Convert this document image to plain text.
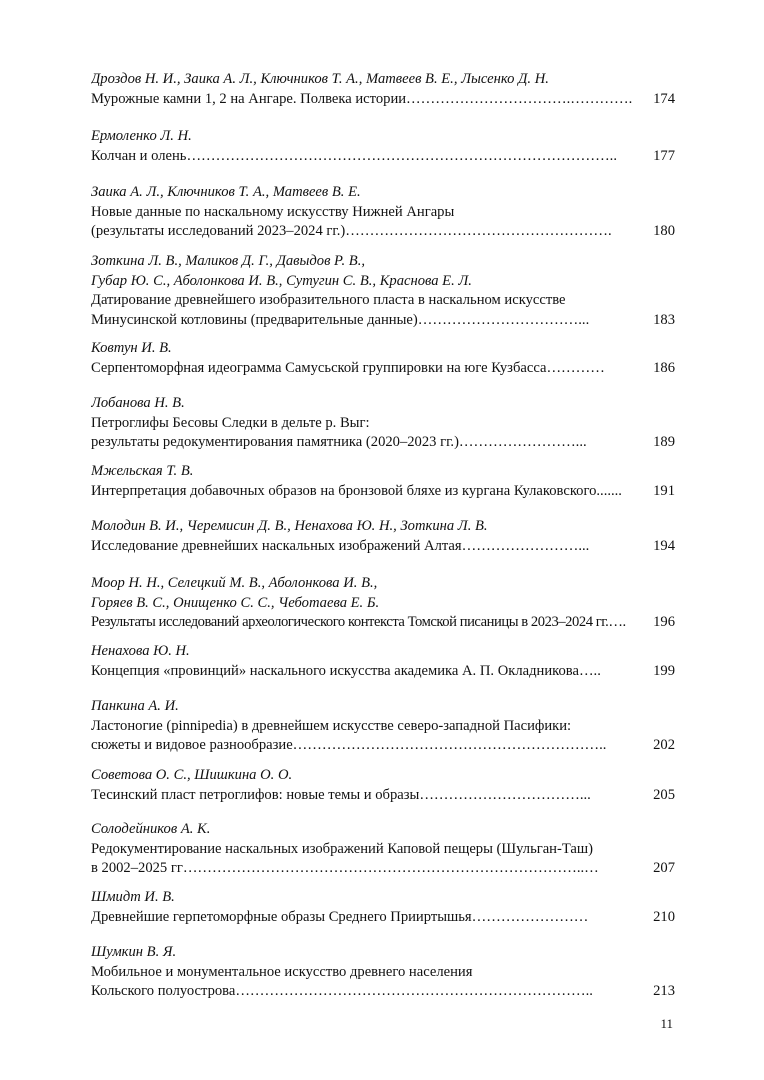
Дроздов Н. И., Заика А. Л., Ключников Т. А., Матвеев В. Е., Лысенко Д. Н.
Мурожные камни 1, 2 на Ангаре. Полвека истории…………………………….………….	174
Ермоленко Л. Н.
Колчан и олень……………………………………………………………………………..	177
Заика А. Л., Ключников Т. А., Матвеев В. Е.
Новые данные по наскальному искусству Нижней Ангары
(результаты исследований 2023–2024 гг.)……………………………………………….	180
Зоткина Л. В., Маликов Д. Г., Давыдов Р. В.,
Губар Ю. С., Аболонкова И. В., Сутугин С. В., Краснова Е. Л.
Датирование древнейшего изобразительного пласта в наскальном искусстве
Минусинской котловины (предварительные данные)……………………………...	183
Ковтун И. В.
Серпентоморфная идеограмма Самусьской группировки на юге Кузбасса…………	186
Лобанова Н. В.
Петроглифы Бесовы Следки в дельте р. Выг:
результаты редокументирования памятника (2020–2023 гг.)……………………...	189
Мжельская Т. В.
Интерпретация добавочных образов на бронзовой бляхе из кургана Кулаковского.......	191
Молодин В. И., Черемисин Д. В., Ненахова Ю. Н., Зоткина Л. В.
Исследование древнейших наскальных изображений Алтая……………………...	194
Моор Н. Н., Селецкий М. В., Аболонкова И. В.,
Горяев В. С., Онищенко С. С., Чеботаева Е. Б.
Результаты исследований археологического контекста Томской писаницы в 2023–2024 гг.….	196
Ненахова Ю. Н.
Концепция «провинций» наскального искусства академика А. П. Окладникова…..	199
Панкина А. И.
Ластоногие (pinnipedia) в древнейшем искусстве северо-западной Пасифики:
сюжеты и видовое разнообразие………………………………………………………..	202
Советова О. С., Шишкина О. О.
Тесинский пласт петроглифов: новые темы и образы……………………………...	205
Солодейников А. К.
Редокументирование наскальных изображений Каповой пещеры (Шульган-Таш)
в 2002–2025 гг………………………………………………………………………..…	207
Шмидт И. В.
Древнейшие герпетоморфные образы Среднего Прииртышья……………………	210
Шумкин В. Я.
Мобильное и монументальное искусство древнего населения
Кольского полуострова………………………………………………………………..	213
11
